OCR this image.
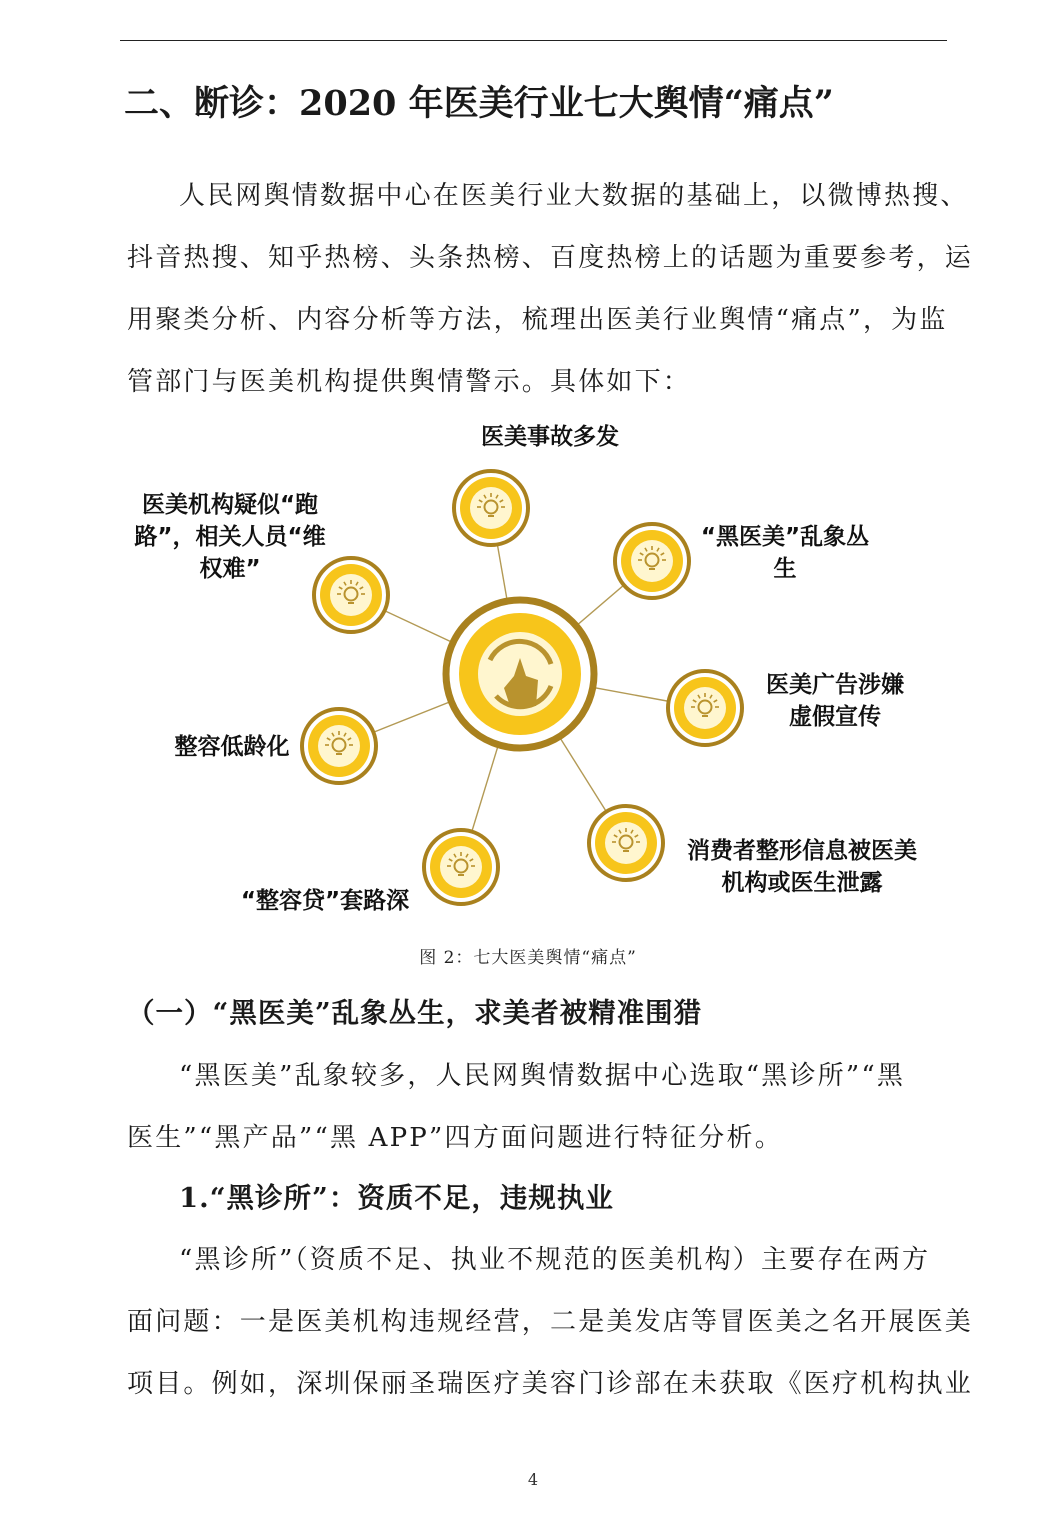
二、断诊：2020 年医美行业七大舆情“痛点”
人民网舆情数据中心在医美行业大数据的基础上，以微博热搜、
抖音热搜、知乎热榜、头条热榜、百度热榜上的话题为重要参考，运
用聚类分析、内容分析等方法，梳理出医美行业舆情“痛点”，为监
管部门与医美机构提供舆情警示。具体如下：
医美事故多发
“黑医美”乱象丛
生
医美广告涉嫌
虚假宣传
消费者整形信息被医美
机构或医生泄露
“整容贷”套路深
整容低龄化
医美机构疑似“跑
路”，相关人员“维
权难”
图 2：七大医美舆情“痛点”
（一）“黑医美”乱象丛生，求美者被精准围猎
“黑医美”乱象较多，人民网舆情数据中心选取“黑诊所”“黑
医生”“黑产品”“黑 APP”四方面问题进行特征分析。
1.“黑诊所”：资质不足，违规执业
“黑诊所”（资质不足、执业不规范的医美机构）主要存在两方
面问题：一是医美机构违规经营，二是美发店等冒医美之名开展医美
项目。例如，深圳保丽圣瑞医疗美容门诊部在未获取《医疗机构执业
4
